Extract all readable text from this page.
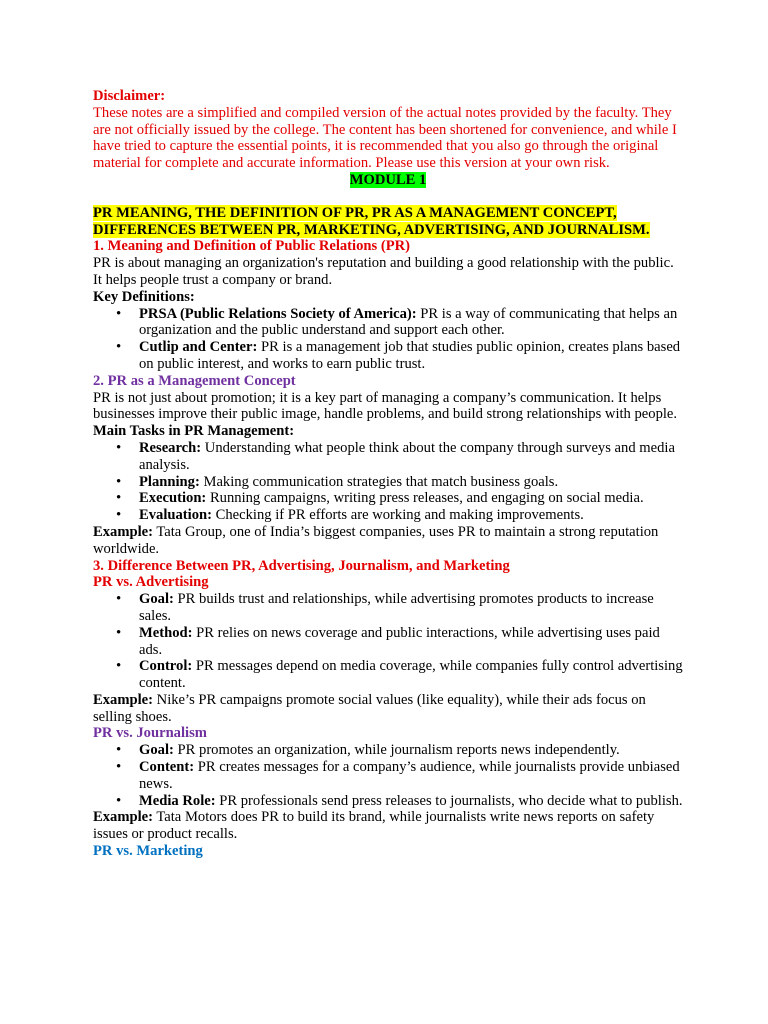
Disclaimer:

These notes are a simplified and compiled version of the actual notes provided by the faculty. They are not officially issued by the college. The content has been shortened for convenience, and while I have tried to capture the essential points, it is recommended that you also go through the original material for complete and accurate information. Please use this version at your own risk.

MODULE 1

PR MEANING, THE DEFINITION OF PR, PR AS A MANAGEMENT CONCEPT, DIFFERENCES BETWEEN PR, MARKETING, ADVERTISING, AND JOURNALISM.

1. Meaning and Definition of Public Relations (PR)

PR is about managing an organization's reputation and building a good relationship with the public. It helps people trust a company or brand.

Key Definitions:

• PRSA (Public Relations Society of America): PR is a way of communicating that helps an organization and the public understand and support each other.
• Cutlip and Center: PR is a management job that studies public opinion, creates plans based on public interest, and works to earn public trust.

2. PR as a Management Concept

PR is not just about promotion; it is a key part of managing a company’s communication. It helps businesses improve their public image, handle problems, and build strong relationships with people.

Main Tasks in PR Management:

• Research: Understanding what people think about the company through surveys and media analysis.
• Planning: Making communication strategies that match business goals.
• Execution: Running campaigns, writing press releases, and engaging on social media.
• Evaluation: Checking if PR efforts are working and making improvements.

Example: Tata Group, one of India’s biggest companies, uses PR to maintain a strong reputation worldwide.

3. Difference Between PR, Advertising, Journalism, and Marketing

PR vs. Advertising

• Goal: PR builds trust and relationships, while advertising promotes products to increase sales.
• Method: PR relies on news coverage and public interactions, while advertising uses paid ads.
• Control: PR messages depend on media coverage, while companies fully control advertising content.

Example: Nike’s PR campaigns promote social values (like equality), while their ads focus on selling shoes.

PR vs. Journalism

• Goal: PR promotes an organization, while journalism reports news independently.
• Content: PR creates messages for a company’s audience, while journalists provide unbiased news.
• Media Role: PR professionals send press releases to journalists, who decide what to publish.

Example: Tata Motors does PR to build its brand, while journalists write news reports on safety issues or product recalls.

PR vs. Marketing
